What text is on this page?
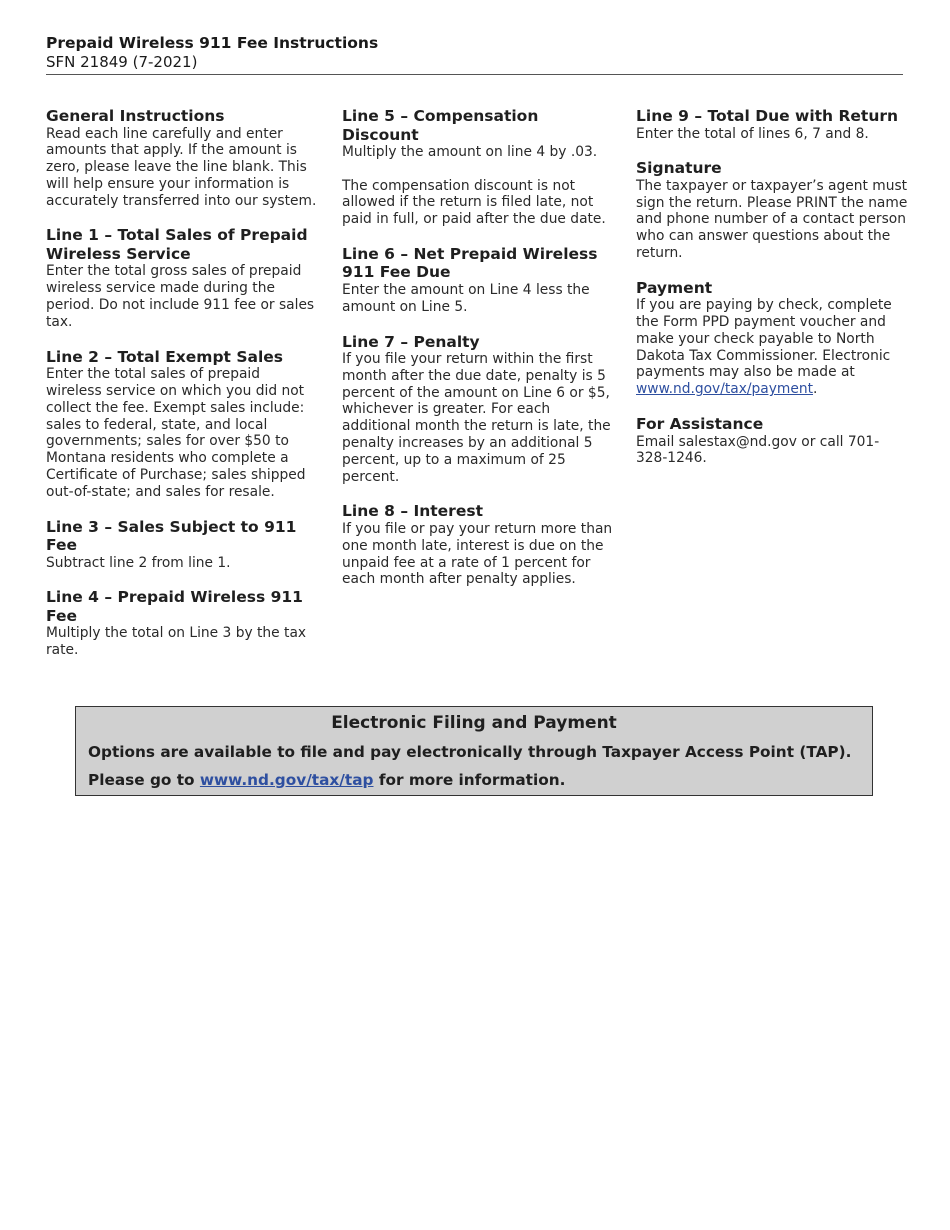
Prepaid Wireless 911 Fee Instructions
SFN 21849 (7-2021)
General Instructions

Read each line carefully and enter amounts that apply. If the amount is zero, please leave the line blank. This will help ensure your information is accurately transferred into our system.

Line 1 – Total Sales of Prepaid Wireless Service

Enter the total gross sales of prepaid wireless service made during the period. Do not include 911 fee or sales tax.

Line 2 – Total Exempt Sales

Enter the total sales of prepaid wireless service on which you did not collect the fee. Exempt sales include: sales to federal, state, and local governments; sales for over $50 to Montana residents who complete a Certificate of Purchase; sales shipped out-of-state; and sales for resale.

Line 3 – Sales Subject to 911 Fee

Subtract line 2 from line 1.

Line 4 – Prepaid Wireless 911 Fee

Multiply the total on Line 3 by the tax rate.

Line 5 – Compensation Discount

Multiply the amount on line 4 by .03.

The compensation discount is not allowed if the return is filed late, not paid in full, or paid after the due date.

Line 6 – Net Prepaid Wireless 911 Fee Due

Enter the amount on Line 4 less the amount on Line 5.

Line 7 – Penalty

If you file your return within the first month after the due date, penalty is 5 percent of the amount on Line 6 or $5, whichever is greater. For each additional month the return is late, the penalty increases by an additional 5 percent, up to a maximum of 25 percent.

Line 8 – Interest

If you file or pay your return more than one month late, interest is due on the unpaid fee at a rate of 1 percent for each month after penalty applies.

Line 9 – Total Due with Return

Enter the total of lines 6, 7 and 8.

Signature

The taxpayer or taxpayer’s agent must sign the return. Please PRINT the name and phone number of a contact person who can answer questions about the return.

Payment

If you are paying by check, complete the Form PPD payment voucher and make your check payable to North Dakota Tax Commissioner. Electronic payments may also be made at www.nd.gov/tax/payment.

For Assistance

Email salestax@nd.gov or call 701-328-1246.

Electronic Filing and Payment
Options are available to file and pay electronically through Taxpayer Access Point (TAP).
Please go to www.nd.gov/tax/tap for more information.
